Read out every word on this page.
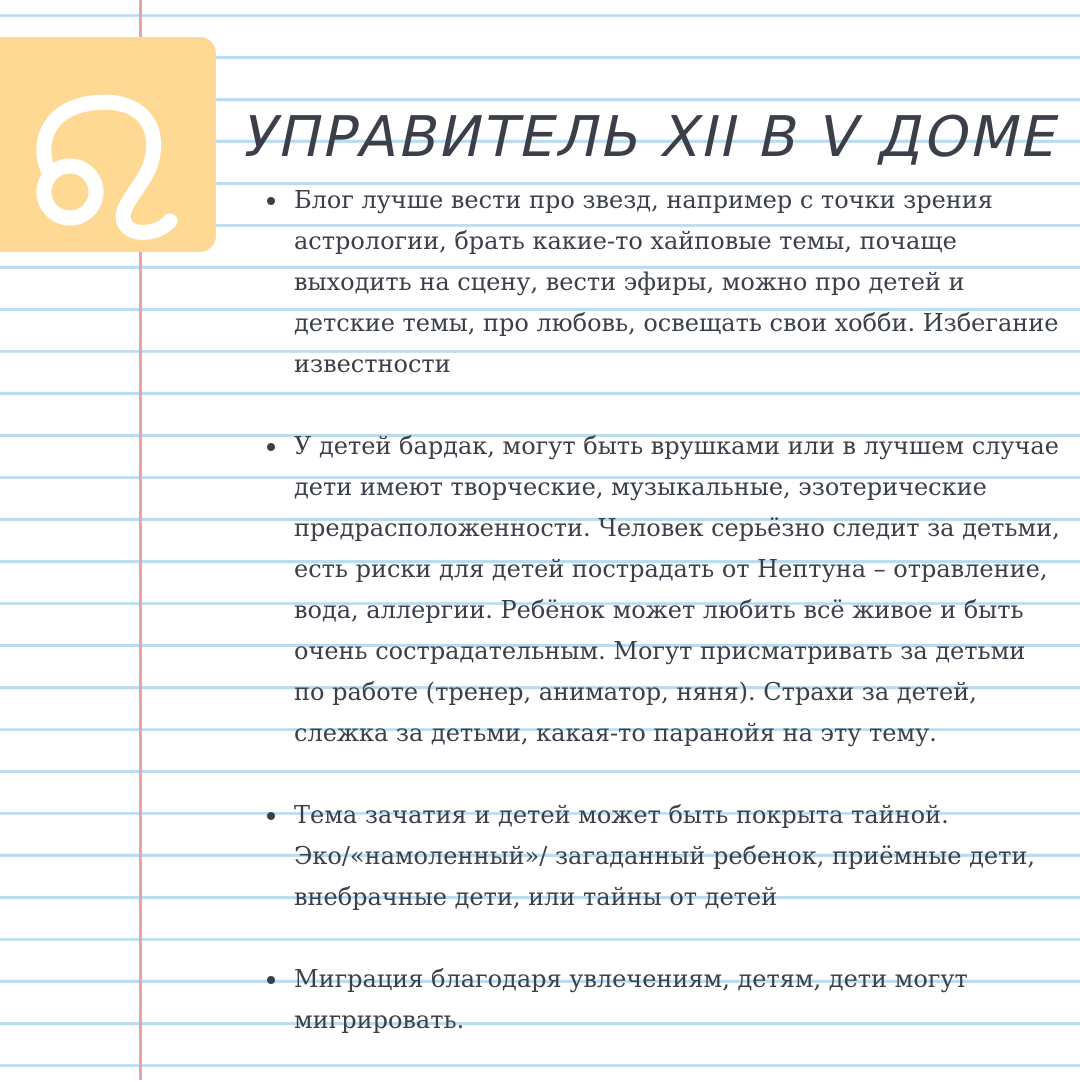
УПРАВИТЕЛЬ XII В V ДОМЕ
Блог лучше вести про звезд, например с точки зрения астрологии, брать какие-то хайповые темы, почаще выходить на сцену, вести эфиры, можно про детей и детские темы, про любовь, освещать свои хобби. Избегание известности
У детей бардак, могут быть врушками или в лучшем случае дети имеют творческие, музыкальные, эзотерические предрасположенности. Человек серьёзно следит за детьми, есть риски для детей пострадать от Нептуна – отравление, вода, аллергии. Ребёнок может любить всё живое и быть очень сострадательным. Могут присматривать за детьми по работе (тренер, аниматор, няня). Страхи за детей, слежка за детьми, какая-то паранойя на эту тему.
Тема зачатия и детей может быть покрыта тайной. Эко/«намоленный»/ загаданный ребенок, приёмные дети, внебрачные дети, или тайны от детей
Миграция благодаря увлечениям, детям, дети могут мигрировать.
